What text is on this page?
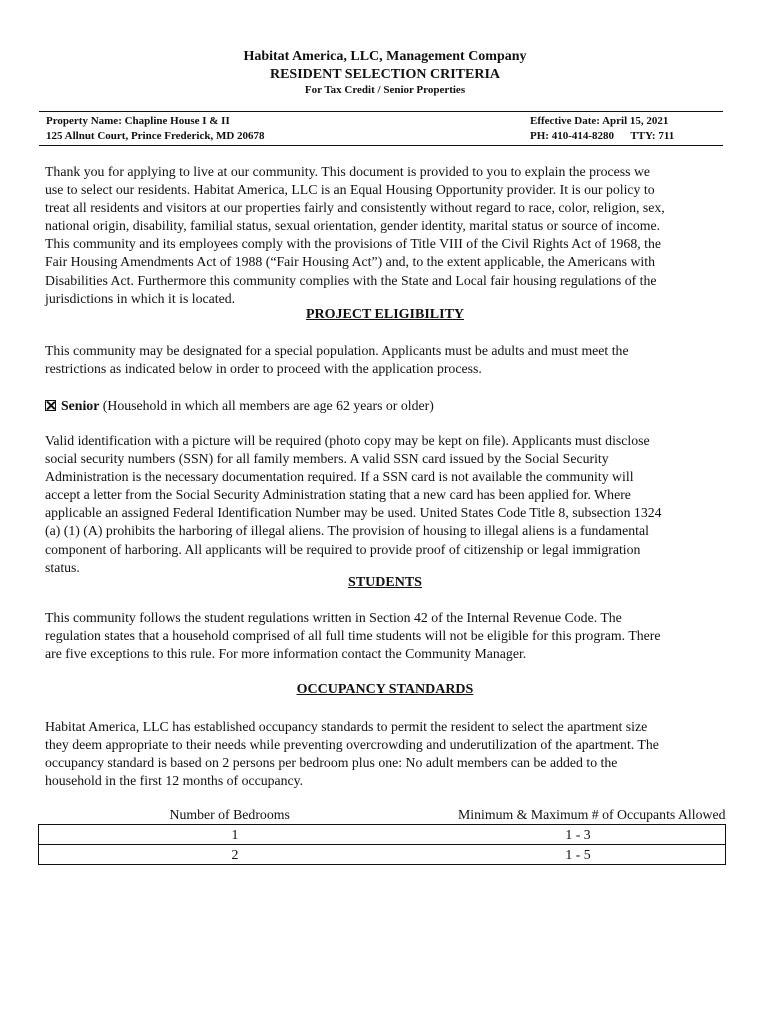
Habitat America, LLC, Management Company
RESIDENT SELECTION CRITERIA
For Tax Credit / Senior Properties
Property Name: Chapline House I & II
125 Allnut Court, Prince Frederick, MD 20678
Effective Date: April 15, 2021
PH: 410-414-8280      TTY: 711
Thank you for applying to live at our community. This document is provided to you to explain the process we
use to select our residents. Habitat America, LLC is an Equal Housing Opportunity provider. It is our policy to
treat all residents and visitors at our properties fairly and consistently without regard to race, color, religion, sex,
national origin, disability, familial status, sexual orientation, gender identity, marital status or source of income.
This community and its employees comply with the provisions of Title VIII of the Civil Rights Act of 1968, the
Fair Housing Amendments Act of 1988 (“Fair Housing Act”) and, to the extent applicable, the Americans with
Disabilities Act. Furthermore this community complies with the State and Local fair housing regulations of the
jurisdictions in which it is located.
PROJECT ELIGIBILITY
This community may be designated for a special population. Applicants must be adults and must meet the
restrictions as indicated below in order to proceed with the application process.
Senior (Household in which all members are age 62 years or older)
Valid identification with a picture will be required (photo copy may be kept on file). Applicants must disclose
social security numbers (SSN) for all family members. A valid SSN card issued by the Social Security
Administration is the necessary documentation required. If a SSN card is not available the community will
accept a letter from the Social Security Administration stating that a new card has been applied for. Where
applicable an assigned Federal Identification Number may be used. United States Code Title 8, subsection 1324
(a) (1) (A) prohibits the harboring of illegal aliens. The provision of housing to illegal aliens is a fundamental
component of harboring. All applicants will be required to provide proof of citizenship or legal immigration
status.
STUDENTS
This community follows the student regulations written in Section 42 of the Internal Revenue Code. The
regulation states that a household comprised of all full time students will not be eligible for this program. There
are five exceptions to this rule. For more information contact the Community Manager.
OCCUPANCY STANDARDS
Habitat America, LLC has established occupancy standards to permit the resident to select the apartment size
they deem appropriate to their needs while preventing overcrowding and underutilization of the apartment. The
occupancy standard is based on 2 persons per bedroom plus one: No adult members can be added to the
household in the first 12 months of occupancy.
Number of Bedrooms	Minimum & Maximum # of Occupants Allowed
1	1 - 3
2	1 - 5
